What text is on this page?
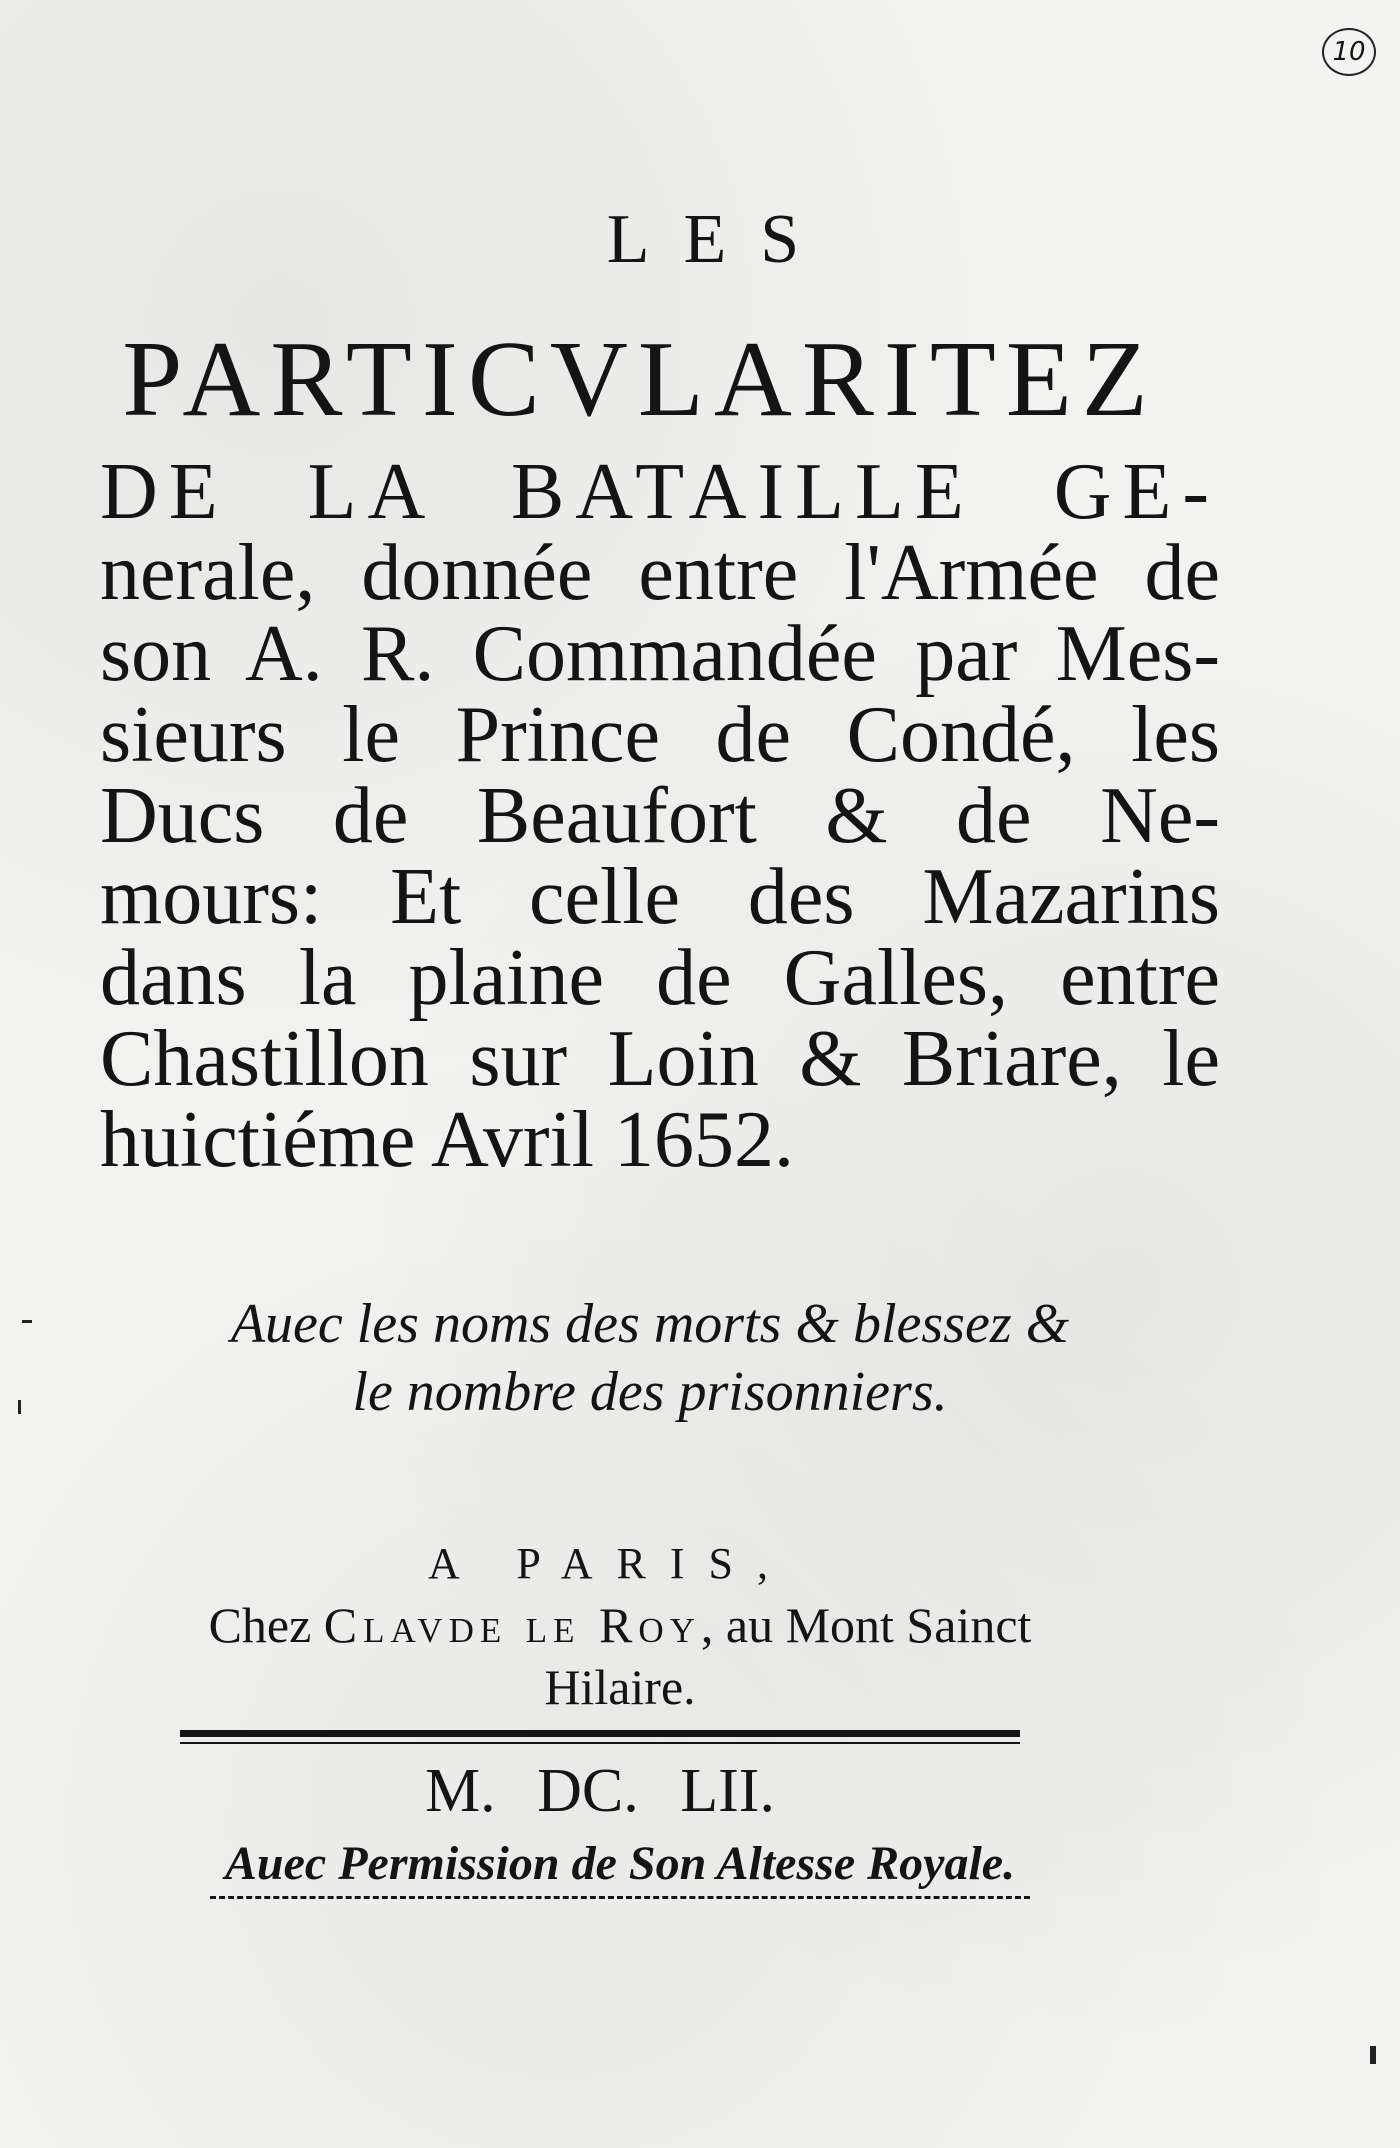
10
LES
PARTICVLARITEZ
DE LA BATAILLE GE-
nerale, donnée entre l'Armée de
son A. R. Commandée par Mes-
sieurs le Prince de Condé, les
Ducs de Beaufort & de Ne-
mours: Et celle des Mazarins
dans la plaine de Galles, entre
Chastillon sur Loin & Briare, le
huictiéme Avril 1652.
Auec les noms des morts & blessez &
le nombre des prisonniers.
A PARIS,
Chez Clavde le Roy, au Mont Sainct
Hilaire.
M. DC. LII.
Auec Permission de Son Altesse Royale.
